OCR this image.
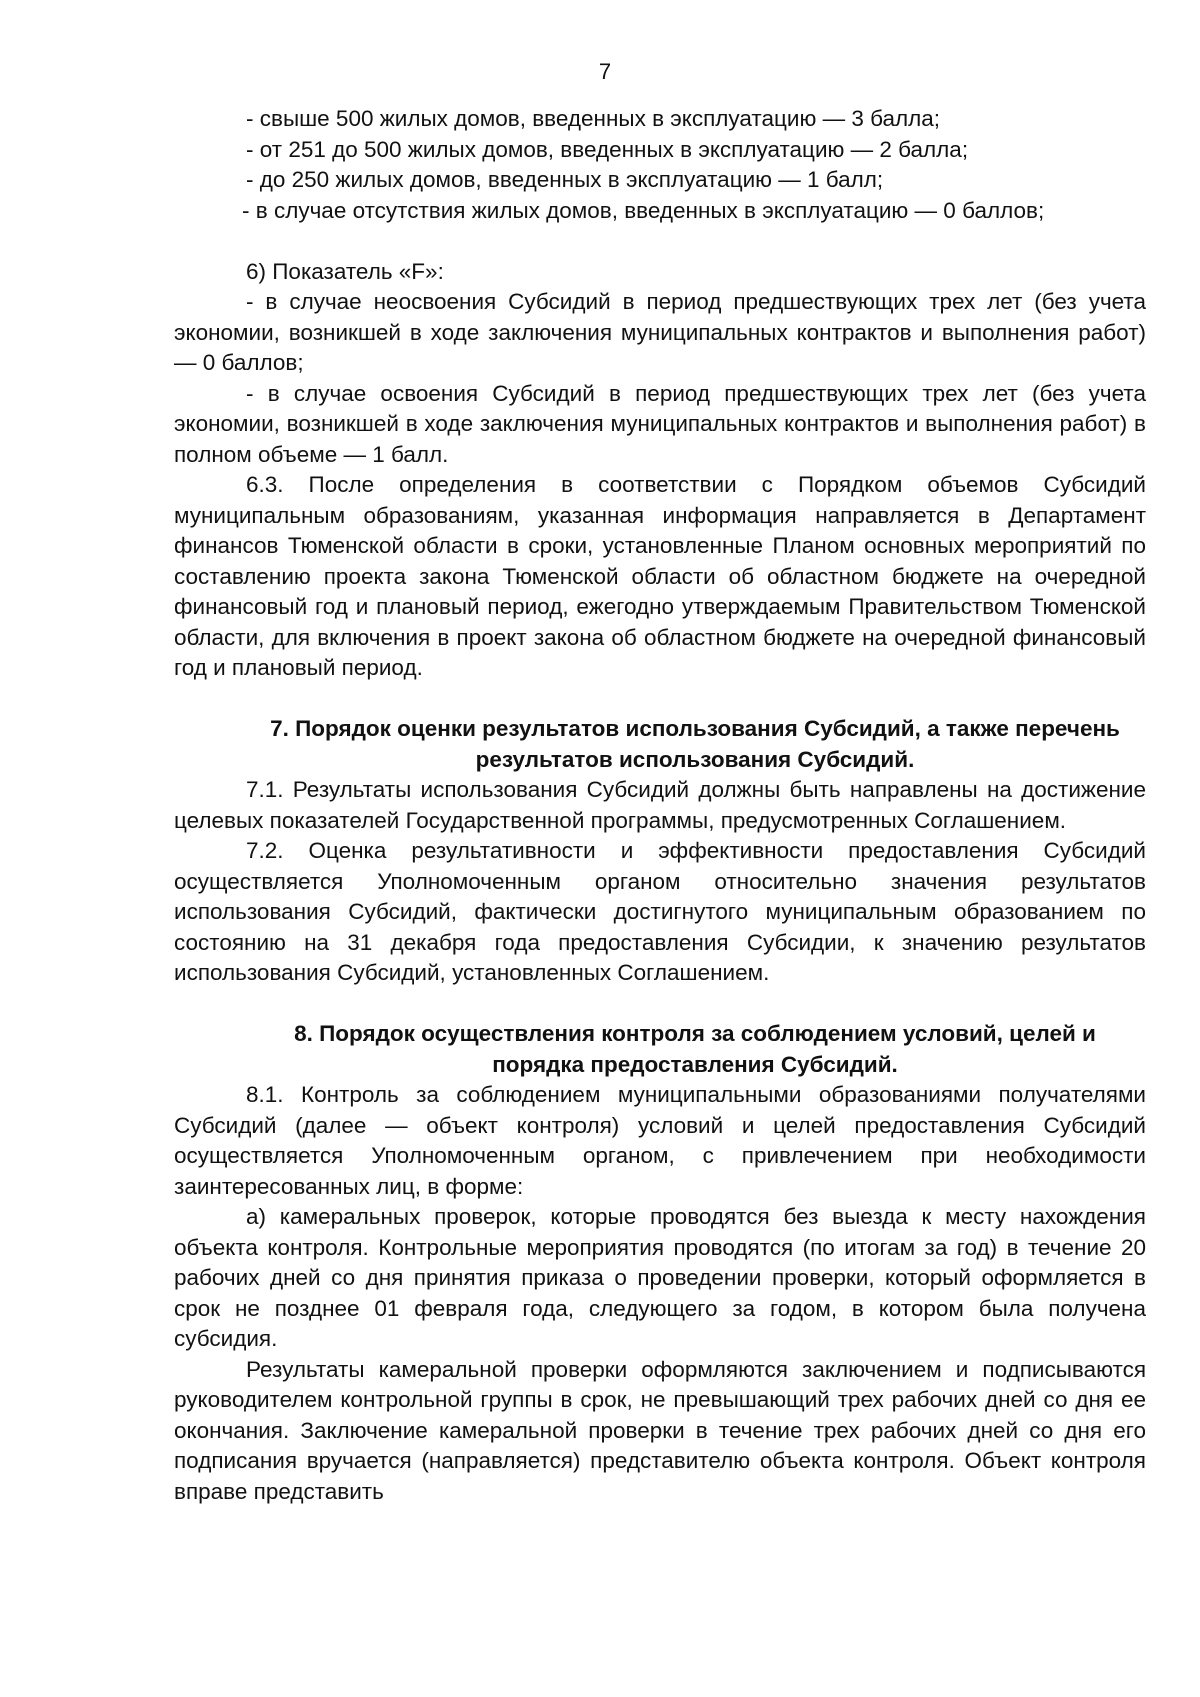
7

- свыше 500 жилых домов, введенных в эксплуатацию — 3 балла;

- от 251 до 500 жилых домов, введенных в эксплуатацию — 2 балла;

- до 250 жилых домов, введенных в эксплуатацию — 1 балл;

- в случае отсутствия жилых домов, введенных в эксплуатацию — 0 баллов;

6) Показатель «F»:

- в случае неосвоения Субсидий в период предшествующих трех лет (без учета экономии, возникшей в ходе заключения муниципальных контрактов и выполнения работ) — 0 баллов;

- в случае освоения Субсидий в период предшествующих трех лет (без учета экономии, возникшей в ходе заключения муниципальных контрактов и выполнения работ) в полном объеме — 1 балл.

6.3. После определения в соответствии с Порядком объемов Субсидий муниципальным образованиям, указанная информация направляется в Департамент финансов Тюменской области в сроки, установленные Планом основных мероприятий по составлению проекта закона Тюменской области об областном бюджете на очередной финансовый год и плановый период, ежегодно утверждаемым Правительством Тюменской области, для включения в проект закона об областном бюджете на очередной финансовый год и плановый период.

7. Порядок оценки результатов использования Субсидий, а также перечень результатов использования Субсидий.

7.1. Результаты использования Субсидий должны быть направлены на достижение целевых показателей Государственной программы, предусмотренных Соглашением.

7.2. Оценка результативности и эффективности предоставления Субсидий осуществляется Уполномоченным органом относительно значения результатов использования Субсидий, фактически достигнутого муниципальным образованием по состоянию на 31 декабря года предоставления Субсидии, к значению результатов использования Субсидий, установленных Соглашением.

8. Порядок осуществления контроля за соблюдением условий, целей и порядка предоставления Субсидий.

8.1. Контроль за соблюдением муниципальными образованиями получателями Субсидий (далее — объект контроля) условий и целей предоставления Субсидий осуществляется Уполномоченным органом, с привлечением при необходимости заинтересованных лиц, в форме:

а) камеральных проверок, которые проводятся без выезда к месту нахождения объекта контроля. Контрольные мероприятия проводятся (по итогам за год) в течение 20 рабочих дней со дня принятия приказа о проведении проверки, который оформляется в срок не позднее 01 февраля года, следующего за годом, в котором была получена субсидия.

Результаты камеральной проверки оформляются заключением и подписываются руководителем контрольной группы в срок, не превышающий трех рабочих дней со дня ее окончания. Заключение камеральной проверки в течение трех рабочих дней со дня его подписания вручается (направляется) представителю объекта контроля. Объект контроля вправе представить
